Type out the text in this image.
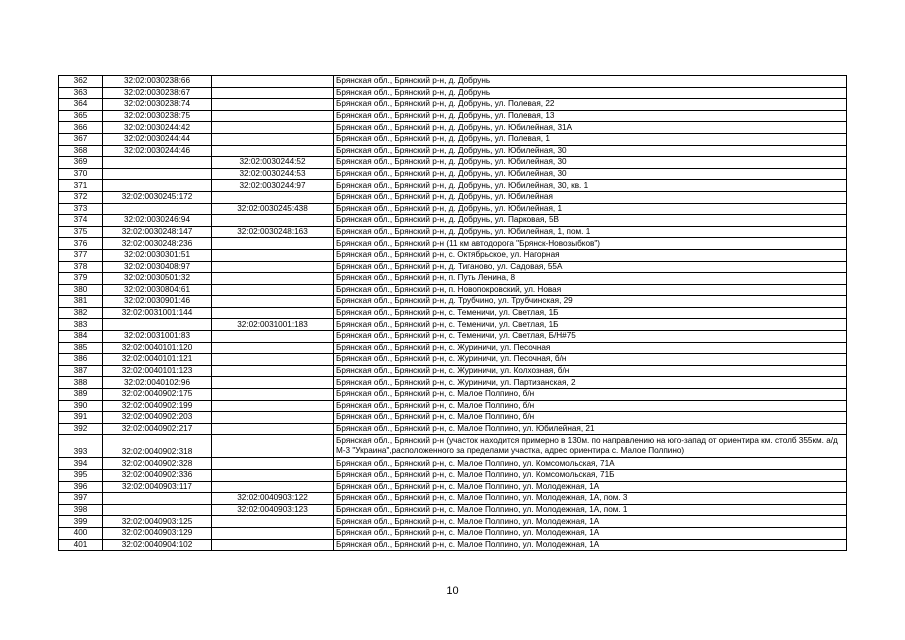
362	32:02:0030238:66		Брянская обл., Брянский р-н, д. Добрунь
363	32:02:0030238:67		Брянская обл., Брянский р-н, д. Добрунь
364	32:02:0030238:74		Брянская обл., Брянский р-н, д. Добрунь, ул. Полевая, 22
365	32:02:0030238:75		Брянская обл., Брянский р-н, д. Добрунь, ул. Полевая, 13
366	32:02:0030244:42		Брянская обл., Брянский р-н, д. Добрунь, ул. Юбилейная, 31А
367	32:02:0030244:44		Брянская обл., Брянский р-н, д. Добрунь, ул. Полевая, 1
368	32:02:0030244:46		Брянская обл., Брянский р-н, д. Добрунь, ул. Юбилейная, 30
369		32:02:0030244:52	Брянская обл., Брянский р-н, д. Добрунь, ул. Юбилейная, 30
370		32:02:0030244:53	Брянская обл., Брянский р-н, д. Добрунь, ул. Юбилейная, 30
371		32:02:0030244:97	Брянская обл., Брянский р-н, д. Добрунь, ул. Юбилейная, 30, кв. 1
372	32:02:0030245:172		Брянская обл., Брянский р-н, д. Добрунь, ул. Юбилейная
373		32:02:0030245:438	Брянская обл., Брянский р-н, д. Добрунь, ул. Юбилейная, 1
374	32:02:0030246:94		Брянская обл., Брянский р-н, д. Добрунь, ул. Парковая, 5В
375	32:02:0030248:147	32:02:0030248:163	Брянская обл., Брянский р-н, д. Добрунь, ул. Юбилейная, 1, пом. 1
376	32:02:0030248:236		Брянская обл., Брянский р-н (11 км автодорога "Брянск-Новозыбков")
377	32:02:0030301:51		Брянская обл., Брянский р-н, с. Октябрьское, ул. Нагорная
378	32:02:0030408:97		Брянская обл., Брянский р-н, д. Тиганово, ул. Садовая, 55А
379	32:02:0030501:32		Брянская обл., Брянский р-н, п. Путь Ленина, 8
380	32:02:0030804:61		Брянская обл., Брянский р-н, п. Новопокровский, ул. Новая
381	32:02:0030901:46		Брянская обл., Брянский р-н, д. Трубчино, ул. Трубчинская, 29
382	32:02:0031001:144		Брянская обл., Брянский р-н, с. Теменичи, ул. Светлая, 1Б
383		32:02:0031001:183	Брянская обл., Брянский р-н, с. Теменичи, ул. Светлая, 1Б
384	32:02:0031001:83		Брянская обл., Брянский р-н, с. Теменичи, ул. Светлая, Б/Н#75
385	32:02:0040101:120		Брянская обл., Брянский р-н, с. Журиничи, ул. Песочная
386	32:02:0040101:121		Брянская обл., Брянский р-н, с. Журиничи, ул. Песочная, б/н
387	32:02:0040101:123		Брянская обл., Брянский р-н, с. Журиничи, ул. Колхозная, б/н
388	32:02:0040102:96		Брянская обл., Брянский р-н, с. Журиничи, ул. Партизанская, 2
389	32:02:0040902:175		Брянская обл., Брянский р-н, с. Малое Полпино, б/н
390	32:02:0040902:199		Брянская обл., Брянский р-н, с. Малое Полпино, б/н
391	32:02:0040902:203		Брянская обл., Брянский р-н, с. Малое Полпино, б/н
392	32:02:0040902:217		Брянская обл., Брянский р-н, с. Малое Полпино, ул. Юбилейная, 21
393	32:02:0040902:318		Брянская обл., Брянский р-н (участок находится примерно в 130м. по направлению на юго-запад от ориентира км. столб 355км. а/д М-3 "Украина",расположенного за пределами участка, адрес ориентира с. Малое Полпино)
394	32:02:0040902:328		Брянская обл., Брянский р-н, с. Малое Полпино, ул. Комсомольская, 71А
395	32:02:0040902:336		Брянская обл., Брянский р-н, с. Малое Полпино, ул. Комсомольская, 71Б
396	32:02:0040903:117		Брянская обл., Брянский р-н, с. Малое Полпино, ул. Молодежная, 1А
397		32:02:0040903:122	Брянская обл., Брянский р-н, с. Малое Полпино, ул. Молодежная, 1А, пом. 3
398		32:02:0040903:123	Брянская обл., Брянский р-н, с. Малое Полпино, ул. Молодежная, 1А, пом. 1
399	32:02:0040903:125		Брянская обл., Брянский р-н, с. Малое Полпино, ул. Молодежная, 1А
400	32:02:0040903:129		Брянская обл., Брянский р-н, с. Малое Полпино, ул. Молодежная, 1А
401	32:02:0040904:102		Брянская обл., Брянский р-н, с. Малое Полпино, ул. Молодежная, 1А
10
